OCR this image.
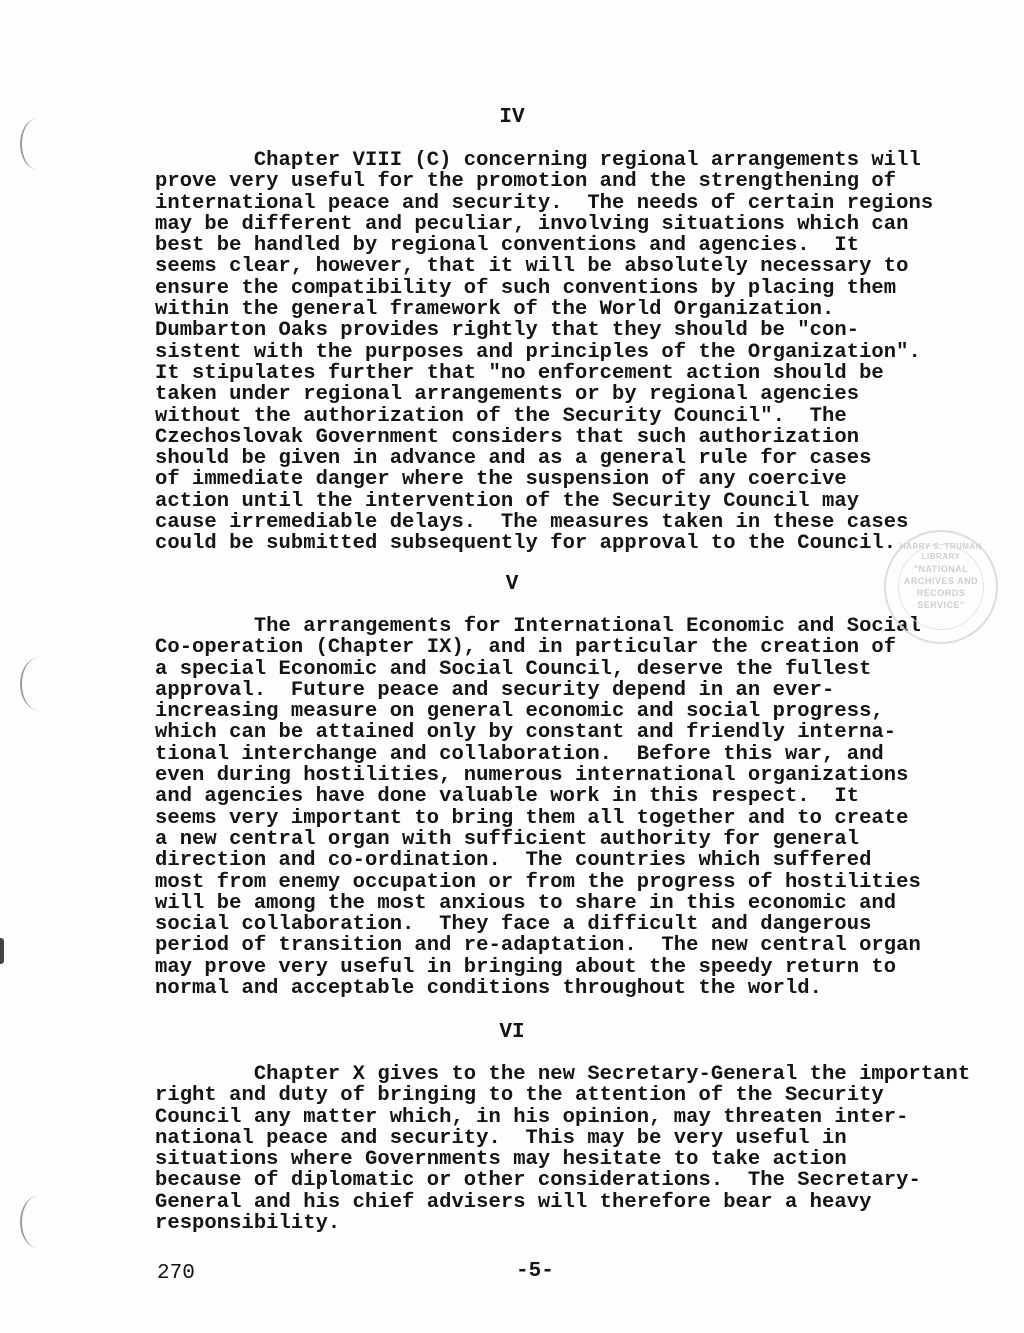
IV

Chapter VIII (C) concerning regional arrangements will
prove very useful for the promotion and the strengthening of
international peace and security.  The needs of certain regions
may be different and peculiar, involving situations which can
best be handled by regional conventions and agencies.  It
seems clear, however, that it will be absolutely necessary to
ensure the compatibility of such conventions by placing them
within the general framework of the World Organization.
Dumbarton Oaks provides rightly that they should be "con-
sistent with the purposes and principles of the Organization".
It stipulates further that "no enforcement action should be
taken under regional arrangements or by regional agencies
without the authorization of the Security Council".  The
Czechoslovak Government considers that such authorization
should be given in advance and as a general rule for cases
of immediate danger where the suspension of any coercive
action until the intervention of the Security Council may
cause irremediable delays.  The measures taken in these cases
could be submitted subsequently for approval to the Council.

V

The arrangements for International Economic and Social
Co-operation (Chapter IX), and in particular the creation of
a special Economic and Social Council, deserve the fullest
approval.  Future peace and security depend in an ever-
increasing measure on general economic and social progress,
which can be attained only by constant and friendly interna-
tional interchange and collaboration.  Before this war, and
even during hostilities, numerous international organizations
and agencies have done valuable work in this respect.  It
seems very important to bring them all together and to create
a new central organ with sufficient authority for general
direction and co-ordination.  The countries which suffered
most from enemy occupation or from the progress of hostilities
will be among the most anxious to share in this economic and
social collaboration.  They face a difficult and dangerous
period of transition and re-adaptation.  The new central organ
may prove very useful in bringing about the speedy return to
normal and acceptable conditions throughout the world.

VI

Chapter X gives to the new Secretary-General the important
right and duty of bringing to the attention of the Security
Council any matter which, in his opinion, may threaten inter-
national peace and security.  This may be very useful in
situations where Governments may hesitate to take action
because of diplomatic or other considerations.  The Secretary-
General and his chief advisers will therefore bear a heavy
responsibility.

HARRY S. TRUMAN LIBRARY
"NATIONAL
ARCHIVES AND
RECORDS
SERVICE"

270	-5-
